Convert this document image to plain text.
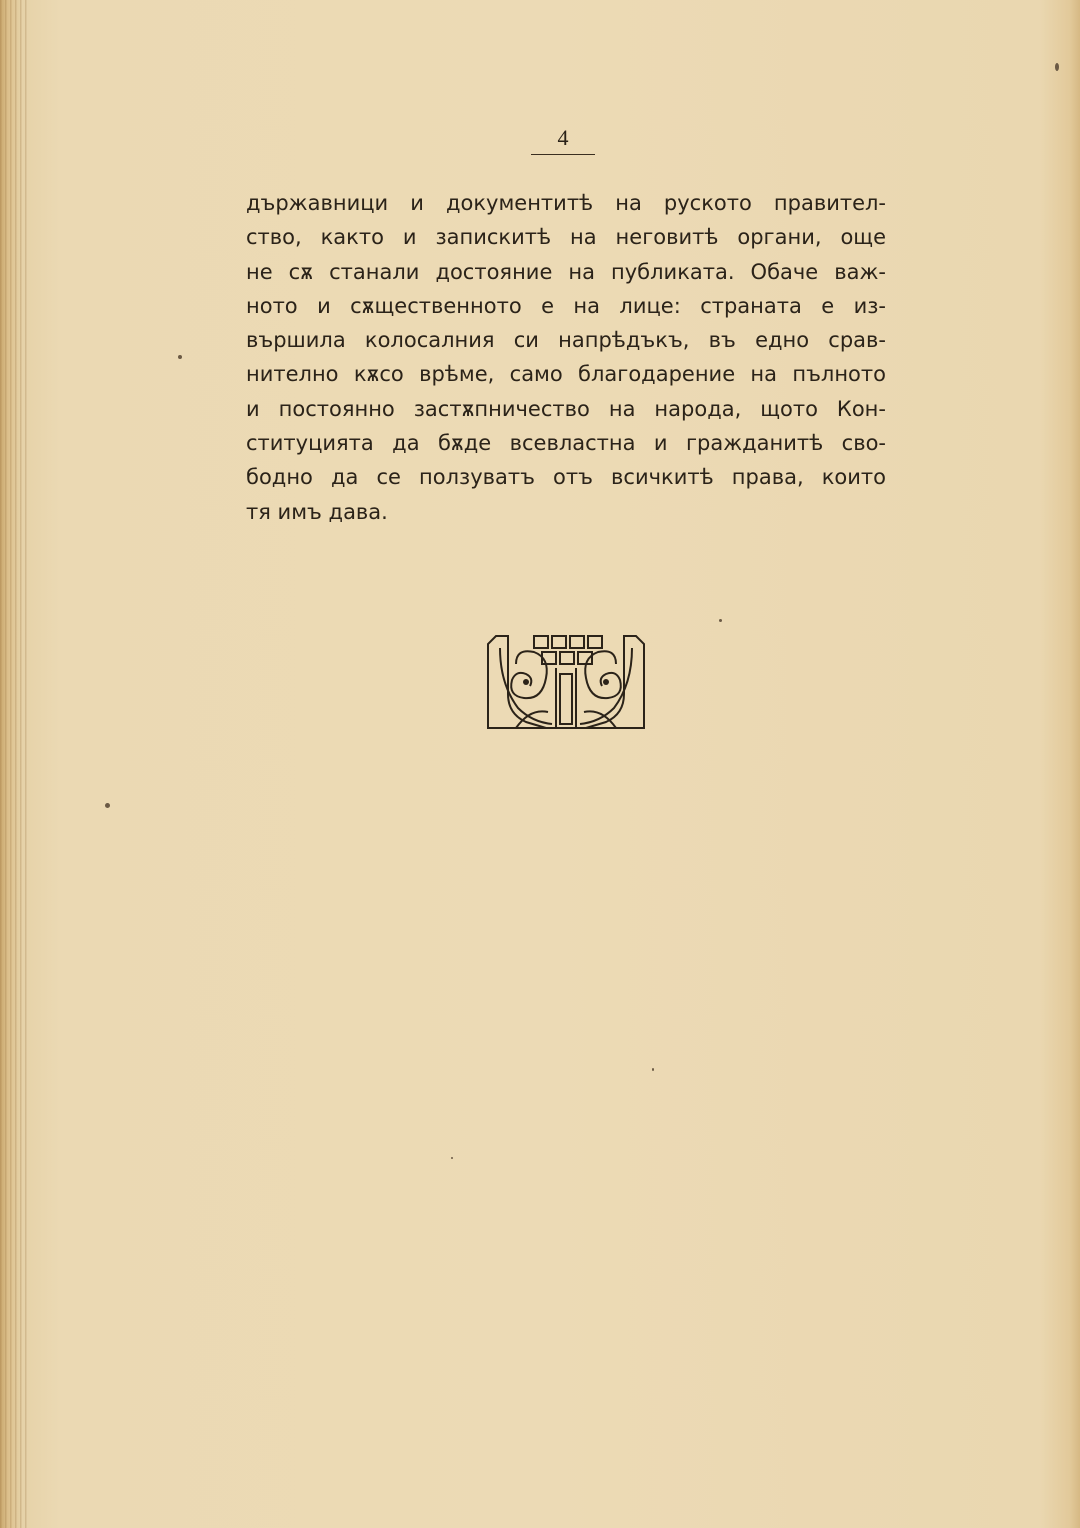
4
държавници и документитѣ на руското правител-
ство, както и запискитѣ на неговитѣ органи, още
не сѫ станали достояние на публиката. Обаче важ-
ното и сѫщественното е на лице: страната е из-
вършила колосалния си напрѣдъкъ, въ едно срав-
нително кѫсо врѣме, само благодарение на пълното
и постоянно застѫпничество на народа, щото Кон-
ституцията да бѫде всевластна и гражданитѣ сво-
бодно да се ползуватъ отъ всичкитѣ права, които
тя имъ дава.
